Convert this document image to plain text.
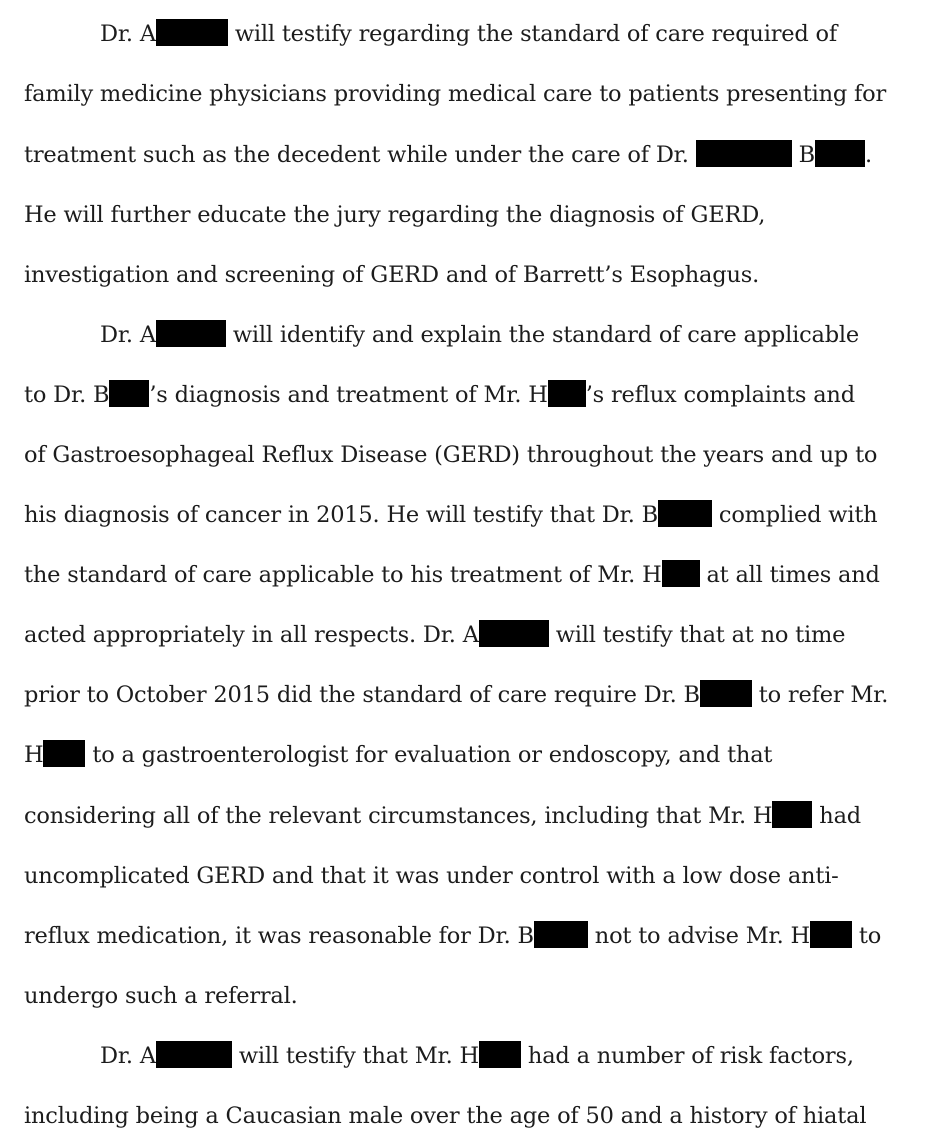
Dr. A	will testify regarding the standard of care required of
family medicine physicians providing medical care to patients presenting for
treatment such as the decedent while under the care of Dr.	B .
He will further educate the jury regarding the diagnosis of GERD,
investigation and screening of GERD and of Barrett’s Esophagus.
Dr. A	will identify and explain the standard of care applicable
to Dr. B ’s diagnosis and treatment of Mr. H ’s reflux complaints and
of Gastroesophageal Reflux Disease (GERD) throughout the years and up to
his diagnosis of cancer in 2015. He will testify that Dr. B complied with
the standard of care applicable to his treatment of Mr. H at all times and
acted appropriately in all respects. Dr. A	will testify that at no time
prior to October 2015 did the standard of care require Dr. B to refer Mr.
H to a gastroenterologist for evaluation or endoscopy, and that
considering all of the relevant circumstances, including that Mr. H had
uncomplicated GERD and that it was under control with a low dose anti-
reflux medication, it was reasonable for Dr. B not to advise Mr. H to
undergo such a referral.
Dr. A	will testify that Mr. H had a number of risk factors,
including being a Caucasian male over the age of 50 and a history of hiatal
